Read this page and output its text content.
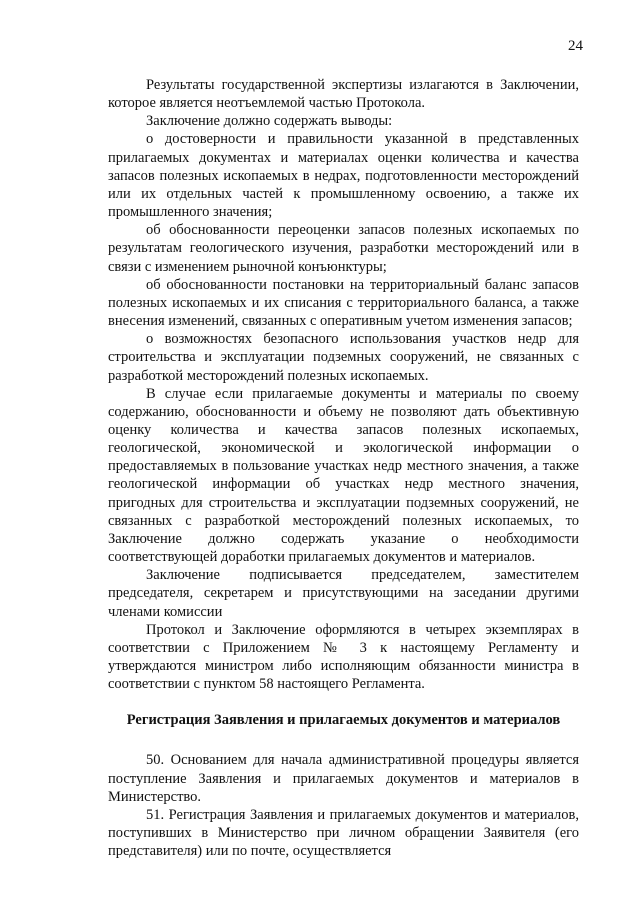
24

Результаты государственной экспертизы излагаются в Заключении, которое является неотъемлемой частью Протокола.

Заключение должно содержать выводы:

о достоверности и правильности указанной в представленных прилагаемых документах и материалах оценки количества и качества запасов полезных ископаемых в недрах, подготовленности месторождений или их отдельных частей к промышленному освоению, а также их промышленного значения;

об обоснованности переоценки запасов полезных ископаемых по результатам геологического изучения, разработки месторождений или в связи с изменением рыночной конъюнктуры;

об обоснованности постановки на территориальный баланс запасов полезных ископаемых и их списания с территориального баланса, а также внесения изменений, связанных с оперативным учетом изменения запасов;

о возможностях безопасного использования участков недр для строительства и эксплуатации подземных сооружений, не связанных с разработкой месторождений полезных ископаемых.

В случае если прилагаемые документы и материалы по своему содержанию, обоснованности и объему не позволяют дать объективную оценку количества и качества запасов полезных ископаемых, геологической, экономической и экологической информации о предоставляемых в пользование участках недр местного значения, а также геологической информации об участках недр местного значения, пригодных для строительства и эксплуатации подземных сооружений, не связанных с разработкой месторождений полезных ископаемых, то Заключение должно содержать указание о необходимости соответствующей доработки прилагаемых документов и материалов.

Заключение подписывается председателем, заместителем председателя, секретарем и присутствующими на заседании другими членами комиссии

Протокол и Заключение оформляются в четырех экземплярах в соответствии с Приложением № 3 к настоящему Регламенту и утверждаются министром либо исполняющим обязанности министра в соответствии с пунктом 58 настоящего Регламента.

Регистрация Заявления и прилагаемых документов и материалов

50. Основанием для начала административной процедуры является поступление Заявления и прилагаемых документов и материалов в Министерство.

51. Регистрация Заявления и прилагаемых документов и материалов, поступивших в Министерство при личном обращении Заявителя (его представителя) или по почте, осуществляется
